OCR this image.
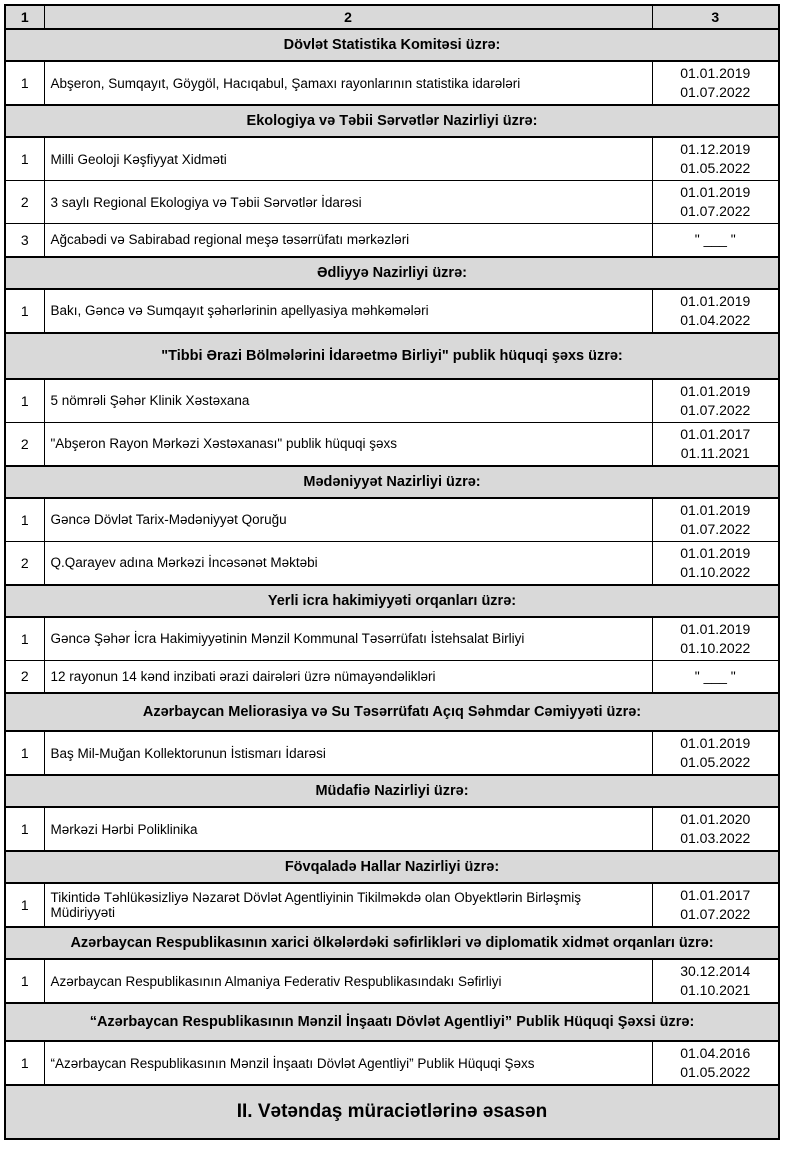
1	2	3
Dövlət Statistika Komitəsi üzrə:		
1	Abşeron, Sumqayıt, Göygöl, Hacıqabul, Şamaxı rayonlarının statistika idarələri	01.01.2019
01.07.2022

Ekologiya və Təbii Sərvətlər Nazirliyi üzrə:		
1	Milli Geoloji Kəşfiyyat Xidməti	01.12.2019
01.05.2022

2	3 saylı Regional Ekologiya və Təbii Sərvətlər İdarəsi	01.01.2019
01.07.2022

3	Ağcabədi və Sabirabad regional meşə təsərrüfatı mərkəzləri	" ___ "

Ədliyyə Nazirliyi üzrə:		
1	Bakı, Gəncə və Sumqayıt şəhərlərinin apellyasiya məhkəmələri	01.01.2019
01.04.2022

"Tibbi Ərazi Bölmələrini İdarəetmə Birliyi" publik hüquqi şəxs üzrə:		
1	5 nömrəli Şəhər Klinik Xəstəxana	01.01.2019
01.07.2022

2	"Abşeron Rayon Mərkəzi Xəstəxanası" publik hüquqi şəxs	01.01.2017
01.11.2021

Mədəniyyət Nazirliyi üzrə:		
1	Gəncə Dövlət Tarix-Mədəniyyət Qoruğu	01.01.2019
01.07.2022

2	Q.Qarayev adına Mərkəzi İncəsənət Məktəbi	01.01.2019
01.10.2022

Yerli icra hakimiyyəti orqanları üzrə:		
1	Gəncə Şəhər İcra Hakimiyyətinin Mənzil Kommunal Təsərrüfatı İstehsalat Birliyi	01.01.2019
01.10.2022

2	12 rayonun 14 kənd inzibati ərazi dairələri üzrə nümayəndəlikləri	" ___ "

Azərbaycan Meliorasiya və Su Təsərrüfatı Açıq Səhmdar Cəmiyyəti üzrə:		
1	Baş Mil-Muğan Kollektorunun İstismarı İdarəsi	01.01.2019
01.05.2022

Müdafiə Nazirliyi üzrə:		
1	Mərkəzi Hərbi Poliklinika	01.01.2020
01.03.2022

Fövqaladə Hallar Nazirliyi üzrə:		
1	Tikintidə Təhlükəsizliyə Nəzarət Dövlət Agentliyinin Tikilməkdə olan Obyektlərin Birləşmiş Müdiriyyəti	01.01.2017
01.07.2022

Azərbaycan Respublikasının xarici ölkələrdəki səfirlikləri və diplomatik xidmət orqanları üzrə:		
1	Azərbaycan Respublikasının Almaniya Federativ Respublikasındakı Səfirliyi	30.12.2014
01.10.2021

“Azərbaycan Respublikasının Mənzil İnşaatı Dövlət Agentliyi” Publik Hüquqi Şəxsi üzrə:		
1	“Azərbaycan Respublikasının Mənzil İnşaatı Dövlət Agentliyi” Publik Hüquqi Şəxs	01.04.2016
01.05.2022

II. Vətəndaş müraciətlərinə əsasən		
